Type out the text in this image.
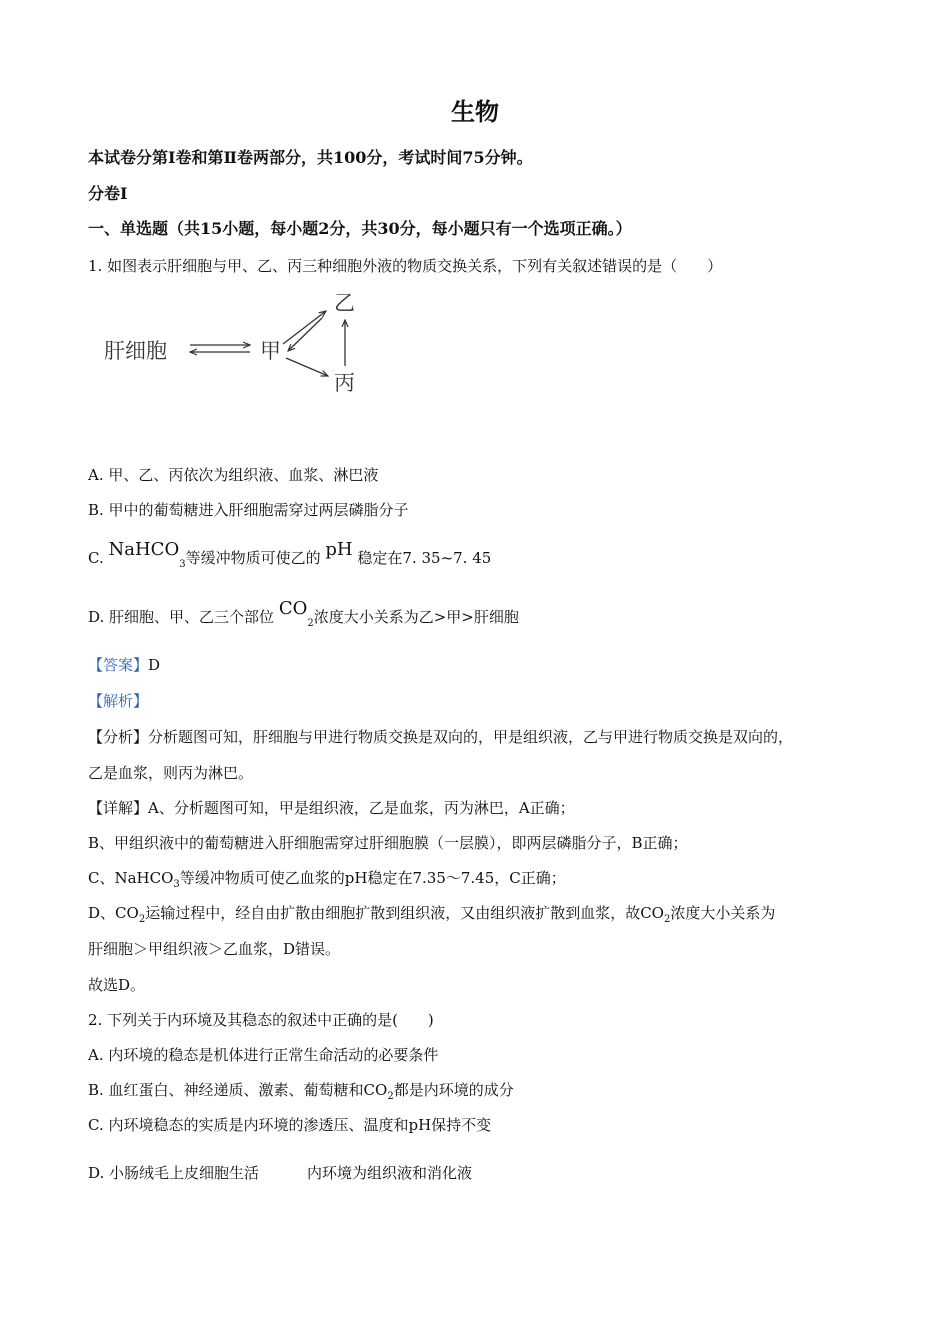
生物
本试卷分第Ⅰ卷和第Ⅱ卷两部分，共100分，考试时间75分钟。
分卷I
一、单选题（共15小题，每小题2分，共30分，每小题只有一个选项正确。）
1. 如图表示肝细胞与甲、乙、丙三种细胞外液的物质交换关系，下列有关叙述错误的是（　　）
肝细胞	甲
乙
丙
A. 甲、乙、丙依次为组织液、血浆、淋巴液
B. 甲中的葡萄糖进入肝细胞需穿过两层磷脂分子
C. NaHCO$_3$等缓冲物质可使乙的 pH 稳定在7. 35~7. 45
D. 肝细胞、甲、乙三个部位 $CO_2$浓度大小关系为乙>甲>肝细胞
【答案】D
【解析】
【分析】分析题图可知，肝细胞与甲进行物质交换是双向的，甲是组织液，乙与甲进行物质交换是双向的，
乙是血浆，则丙为淋巴。
【详解】A、分析题图可知，甲是组织液，乙是血浆，丙为淋巴，A正确；
B、甲组织液中的葡萄糖进入肝细胞需穿过肝细胞膜（一层膜），即两层磷脂分子，B正确；
C、NaHCO$_3$等缓冲物质可使乙血浆的pH稳定在7.35～7.45，C正确；
D、$CO_2$运输过程中，经自由扩散由细胞扩散到组织液，又由组织液扩散到血浆，故$CO_2$浓度大小关系为
肝细胞＞甲组织液＞乙血浆，D错误。
故选D。
2. 下列关于内环境及其稳态的叙述中正确的是(　　)
A. 内环境的稳态是机体进行正常生命活动的必要条件
B. 血红蛋白、神经递质、激素、葡萄糖和$CO_2$都是内环境的成分
C. 内环境稳态的实质是内环境的渗透压、温度和pH保持不变
D. 小肠绒毛上皮细胞生活	内环境为组织液和消化液
